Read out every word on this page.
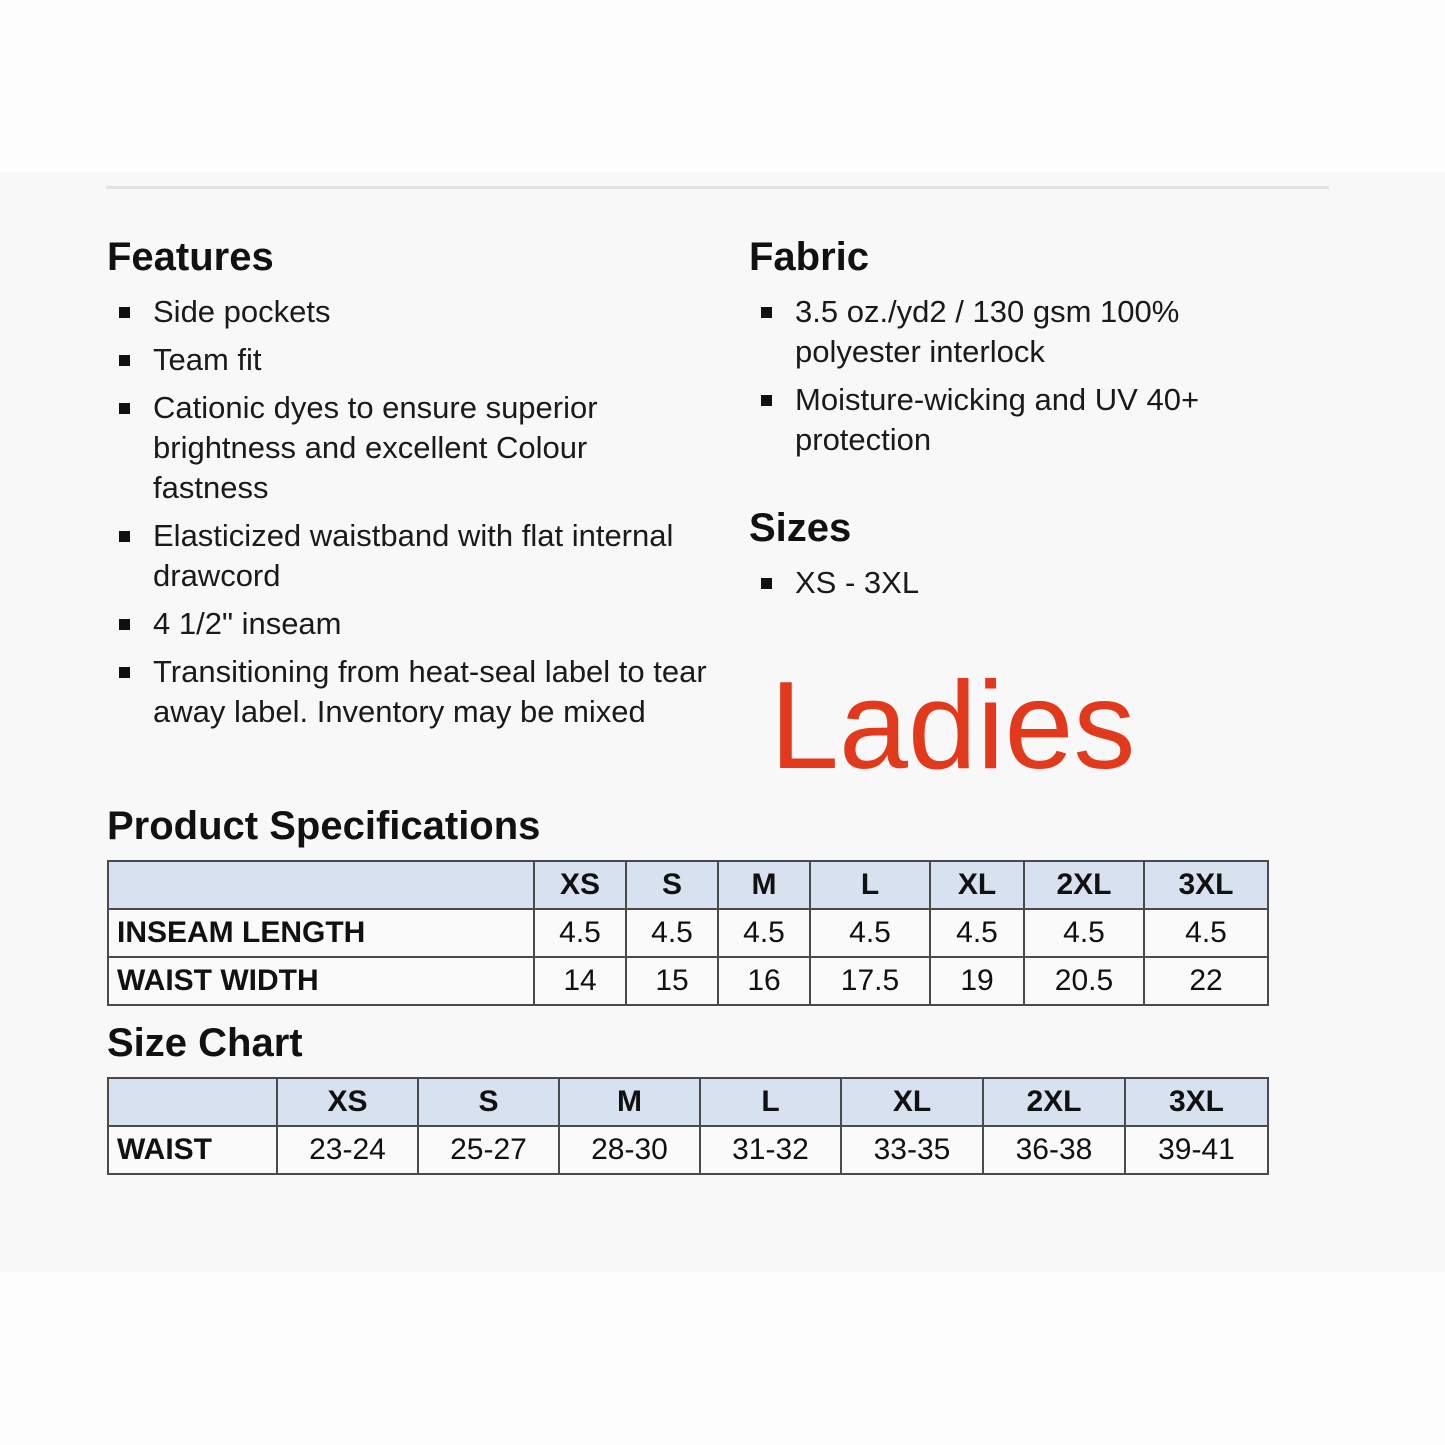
Features
Side pockets
Team fit
Cationic dyes to ensure superior brightness and excellent Colour fastness
Elasticized waistband with flat internal drawcord
4 1/2" inseam
Transitioning from heat-seal label to tear away label. Inventory may be mixed
Fabric
3.5 oz./yd2 / 130 gsm 100% polyester interlock
Moisture-wicking and UV 40+ protection
Sizes
XS - 3XL
Ladies
Product Specifications
	XS	S	M	L	XL	2XL	3XL
INSEAM LENGTH	4.5	4.5	4.5	4.5	4.5	4.5	4.5
WAIST WIDTH	14	15	16	17.5	19	20.5	22
Size Chart
	XS	S	M	L	XL	2XL	3XL
WAIST	23-24	25-27	28-30	31-32	33-35	36-38	39-41
